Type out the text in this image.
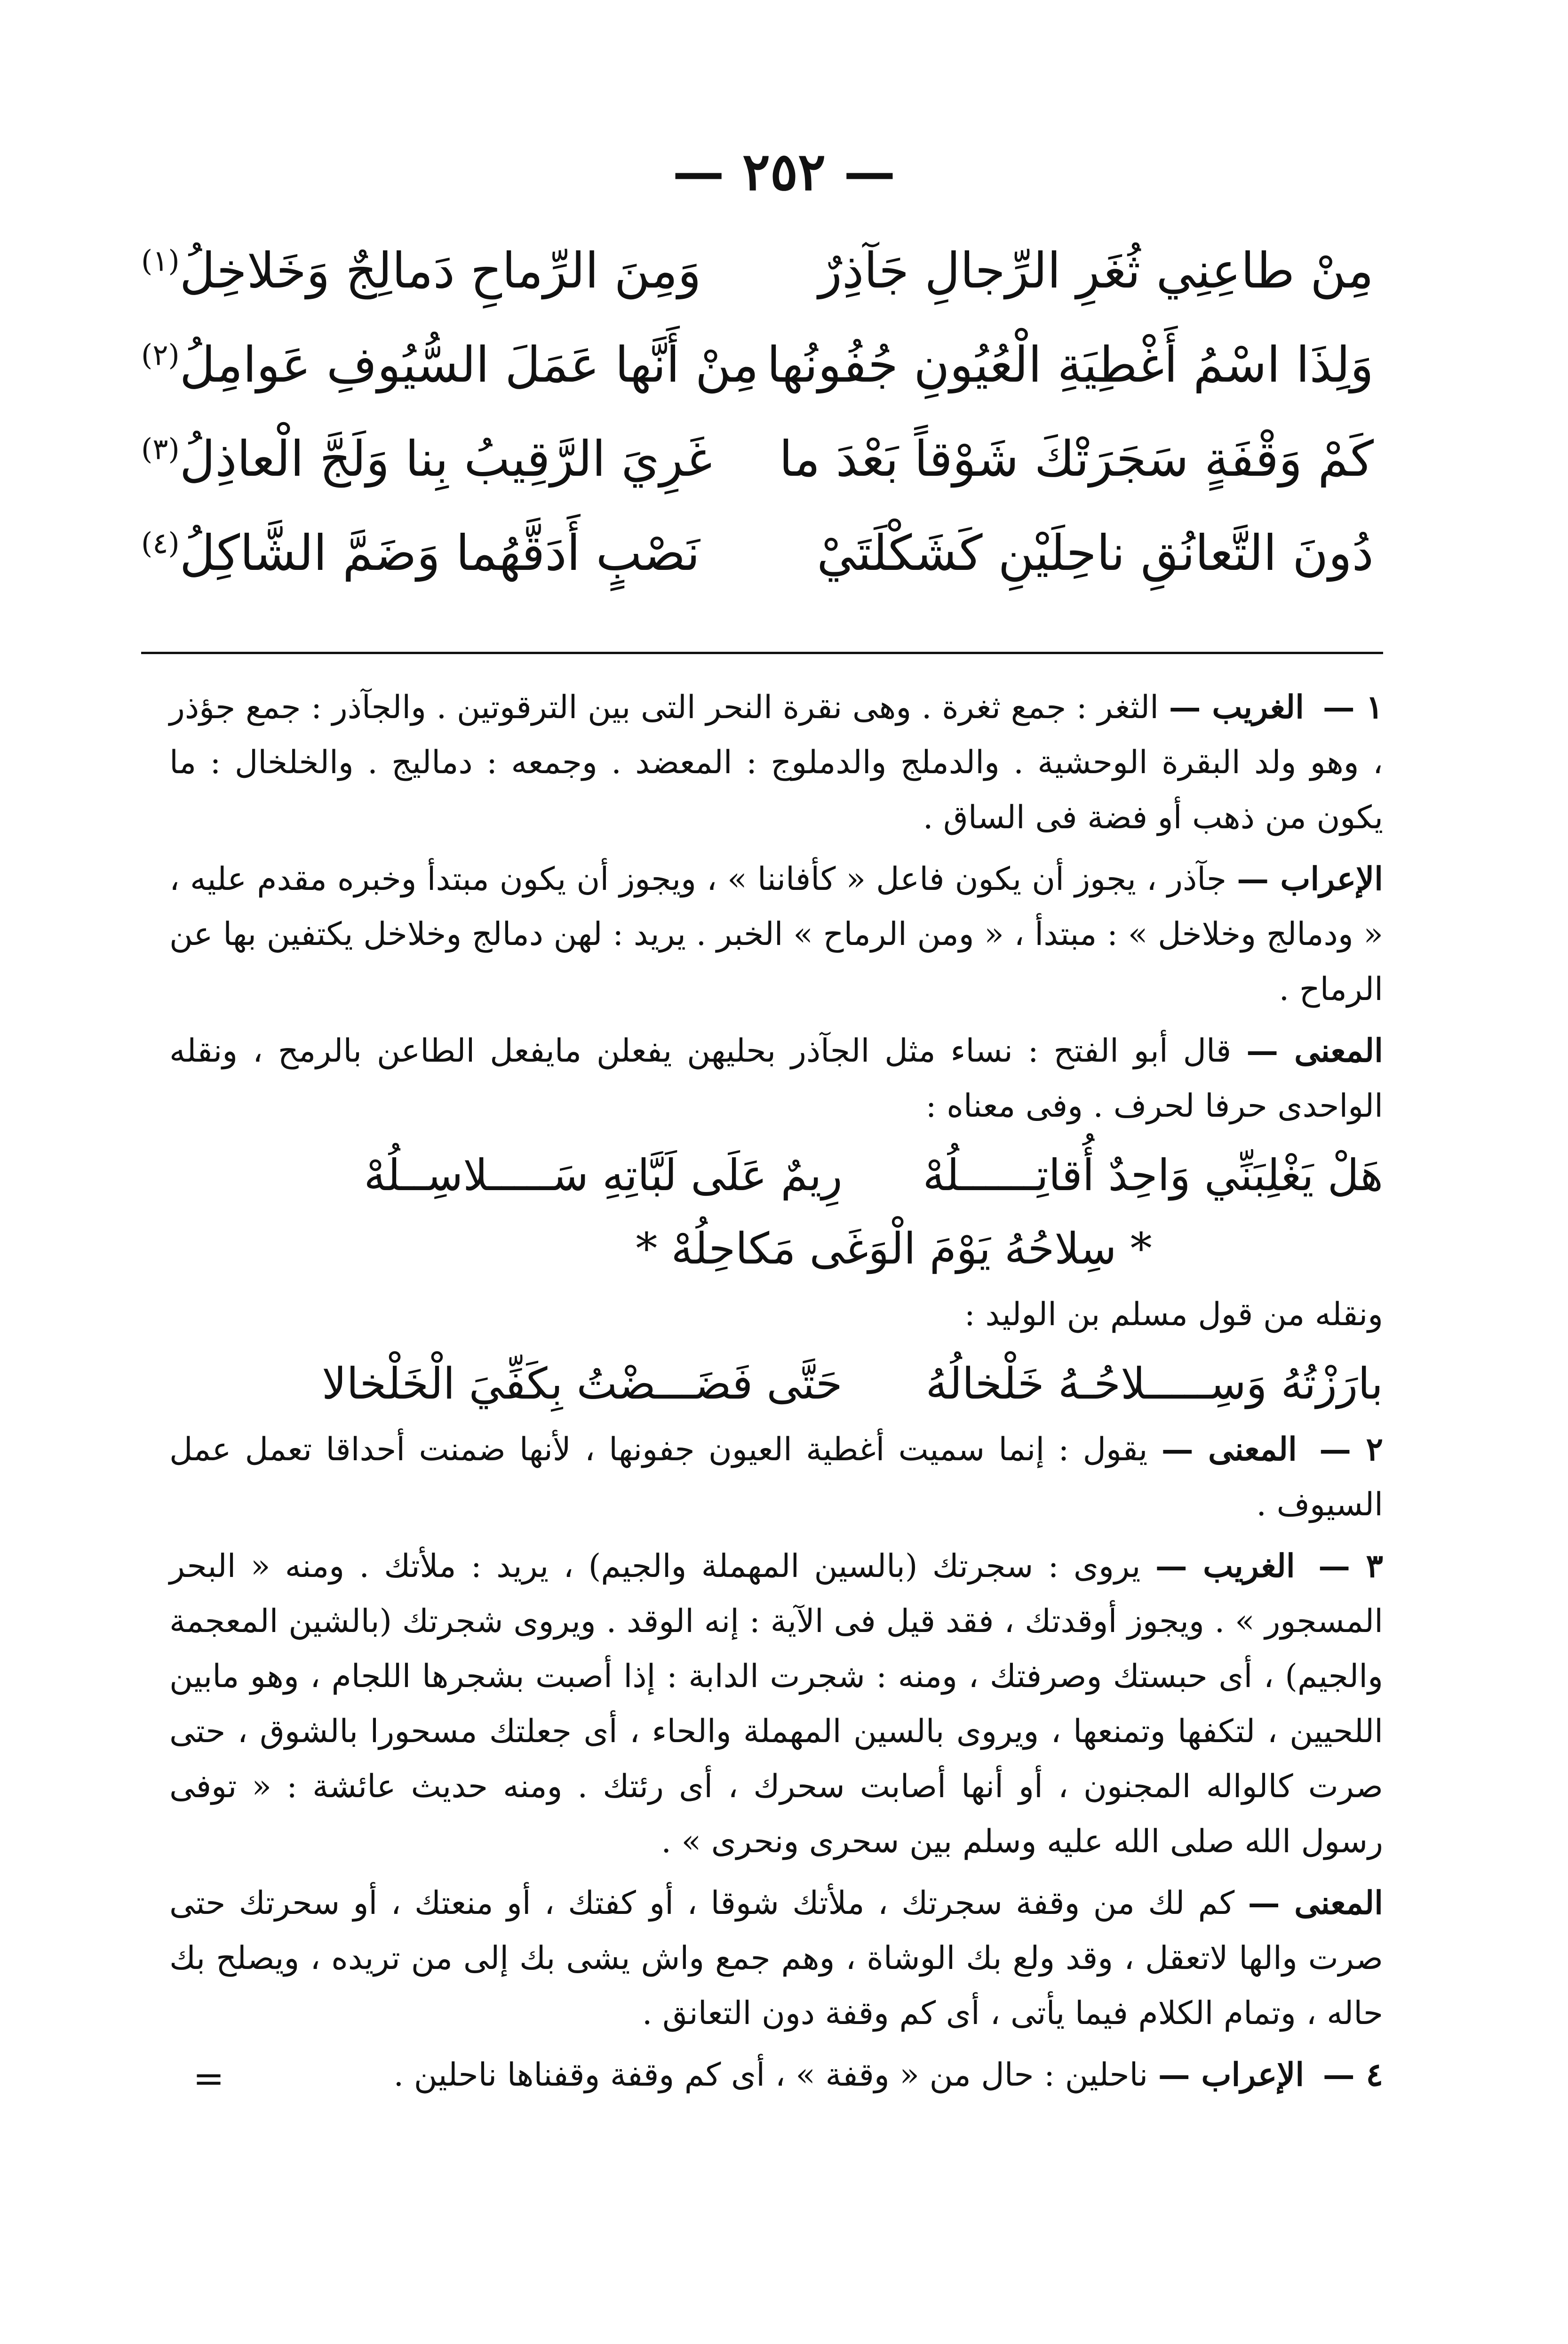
— ٢٥٢ —
مِنْ طاعِنِي ثُغَرِ الرِّجالِ جَآذِرٌ
وَمِنَ الرِّماحِ دَمالِجٌ وَخَلاخِلُ$^{(١)}$
وَلِذَا اسْمُ أَغْطِيَةِ الْعُيُونِ جُفُونُها
مِنْ أَنَّها عَمَلَ السُّيُوفِ عَوامِلُ$^{(٢)}$
كَمْ وَقْفَةٍ سَجَرَتْكَ شَوْقاً بَعْدَ ما
غَرِيَ الرَّقِيبُ بِنا وَلَجَّ الْعاذِلُ$^{(٣)}$
دُونَ التَّعانُقِ ناحِلَيْنِ كَشَكْلَتَيْ
نَصْبٍ أَدَقَّهُما وَضَمَّ الشَّاكِلُ$^{(٤)}$

١ — الغريب — الثغر : جمع ثغرة . وهى نقرة النحر التى بين الترقوتين . والجآذر : جمع جؤذر ، وهو ولد البقرة الوحشية . والدملج والدملوج : المعضد . وجمعه : دماليج . والخلخال : ما يكون من ذهب أو فضة فى الساق .

الإعراب — جآذر ، يجوز أن يكون فاعل « كأفاننا » ، ويجوز أن يكون مبتدأ وخبره مقدم عليه ، « ودمالج وخلاخل » : مبتدأ ، « ومن الرماح » الخبر . يريد : لهن دمالج وخلاخل يكتفين بها عن الرماح .

المعنى — قال أبو الفتح : نساء مثل الجآذر بحليهن يفعلن مايفعل الطاعن بالرمح ، ونقله الواحدى حرفا لحرف . وفى معناه :

هَلْ يَغْلِبَنِّي وَاحِدٌ أُقاتِــــــلُهْ رِيمٌ عَلَى لَبَّاتِهِ سَـــــلاسِــلُهْ
* سِلاحُهُ يَوْمَ الْوَغَى مَكاحِلُهْ *

ونقله من قول مسلم بن الوليد :

بارَزْتُهُ وَسِـــــلاحُـهُ خَلْخالُهُ حَتَّى فَضَـــضْتُ بِكَفِّيَ الْخَلْخالا

٢ — المعنى — يقول : إنما سميت أغطية العيون جفونها ، لأنها ضمنت أحداقا تعمل عمل السيوف .

٣ — الغريب — يروى : سجرتك (بالسين المهملة والجيم) ، يريد : ملأتك . ومنه « البحر المسجور » . ويجوز أوقدتك ، فقد قيل فى الآية : إنه الوقد . ويروى شجرتك (بالشين المعجمة والجيم) ، أى حبستك وصرفتك ، ومنه : شجرت الدابة : إذا أصبت بشجرها اللجام ، وهو مابين اللحيين ، لتكفها وتمنعها ، ويروى بالسين المهملة والحاء ، أى جعلتك مسحورا بالشوق ، حتى صرت كالواله المجنون ، أو أنها أصابت سحرك ، أى رئتك . ومنه حديث عائشة : « توفى رسول الله صلى الله عليه وسلم بين سحرى ونحرى » .

المعنى — كم لك من وقفة سجرتك ، ملأتك شوقا ، أو كفتك ، أو منعتك ، أو سحرتك حتى صرت والها لاتعقل ، وقد ولع بك الوشاة ، وهم جمع واش يشى بك إلى من تريده ، ويصلح بك حاله ، وتمام الكلام فيما يأتى ، أى كم وقفة دون التعانق .

٤ — الإعراب — ناحلين : حال من « وقفة » ، أى كم وقفة وقفناها ناحلين .

=
